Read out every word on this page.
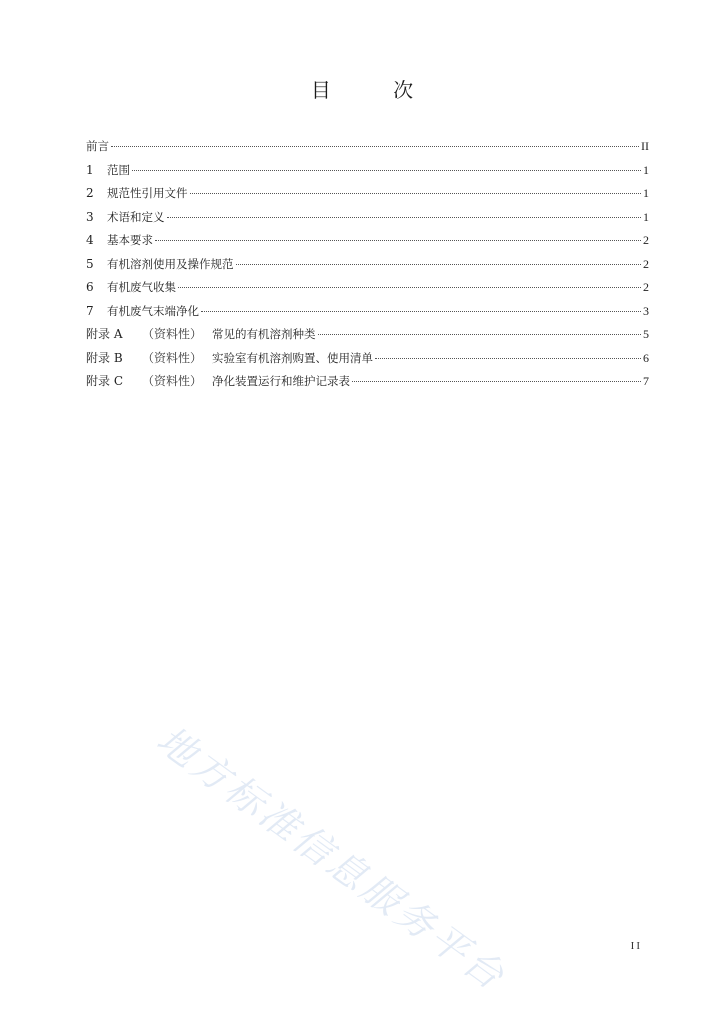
目 次
前言	II
1	范围	1
2	规范性引用文件	1
3	术语和定义	1
4	基本要求	2
5	有机溶剂使用及操作规范	2
6	有机废气收集	2
7	有机废气末端净化	3
附录 A	（资料性） 常见的有机溶剂种类	5
附录 B	（资料性） 实验室有机溶剂购置、使用清单	6
附录 C	（资料性） 净化装置运行和维护记录表	7
地方标准信息服务平台	II
